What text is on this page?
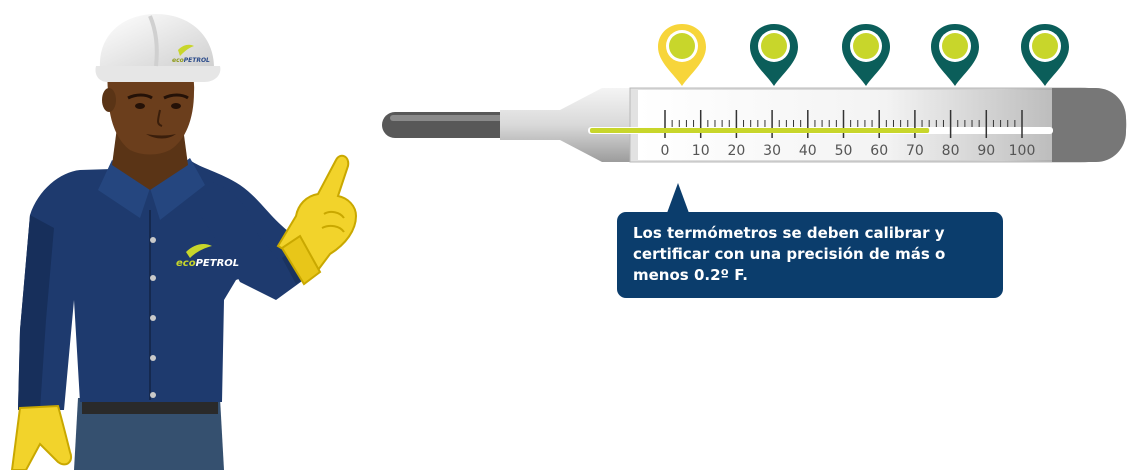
ecoPETROL
ecoPETROL
0 10 20 30 40 50 60 70 80 90 100
Los termómetros se deben calibrar y certificar con una precisión de más o menos 0.2º F.
